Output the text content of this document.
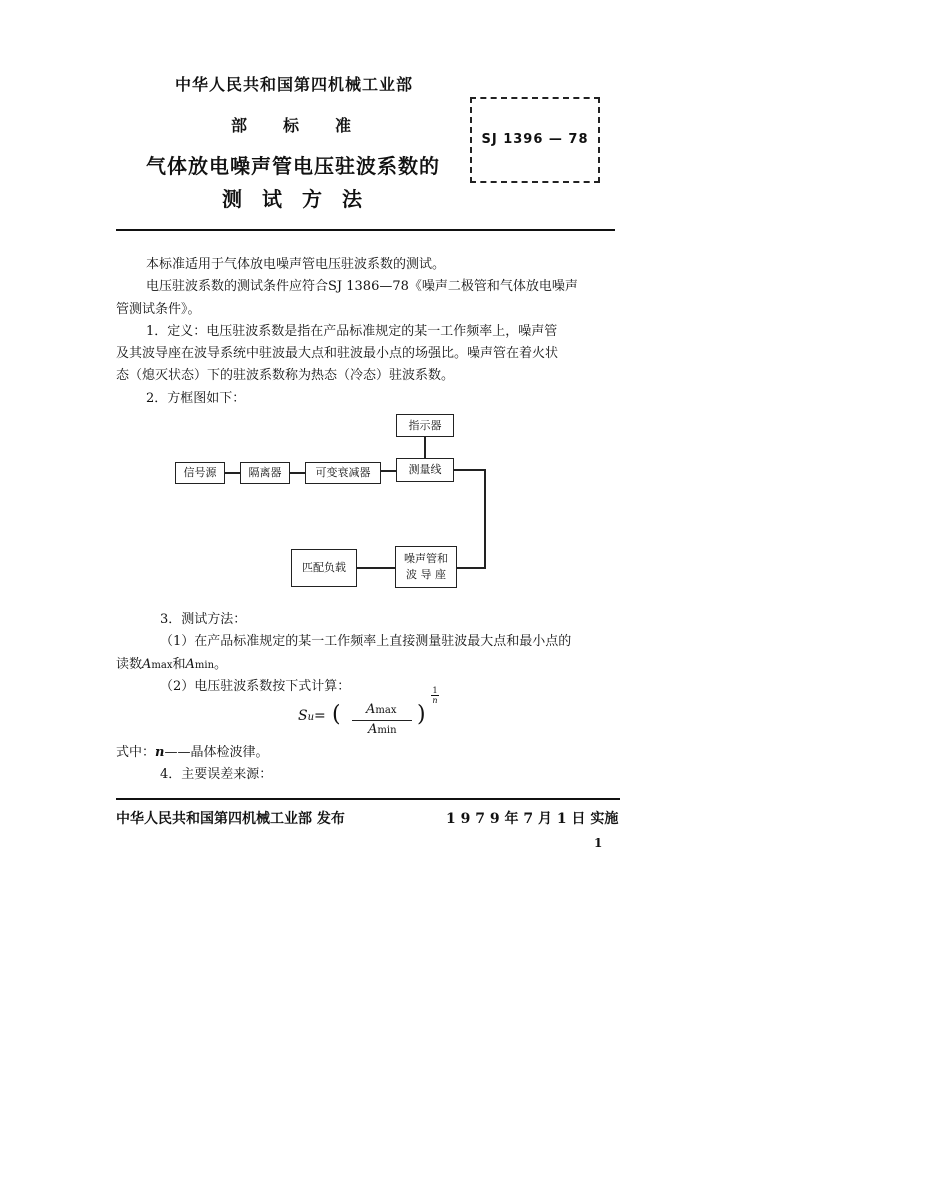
中华人民共和国第四机械工业部
部 标 准
气体放电噪声管电压驻波系数的
测 试 方 法
SJ 1396 — 78
本标准适用于气体放电噪声管电压驻波系数的测试。
电压驻波系数的测试条件应符合SJ 1386—78《噪声二极管和气体放电噪声
管测试条件》。
1．定义：电压驻波系数是指在产品标准规定的某一工作频率上，噪声管
及其波导座在波导系统中驻波最大点和驻波最小点的场强比。噪声管在着火状
态（熄灭状态）下的驻波系数称为热态（冷态）驻波系数。
2．方框图如下：
指示器
信号源	隔离器	可变衰减器	测量线
匹配负载
噪声管和
波 导 座
3．测试方法：
（1）在产品标准规定的某一工作频率上直接测量驻波最大点和最小点的
读数Amax和Amin。
（2）电压驻波系数按下式计算：
Su= ( Amax
Amin
)
1
n
式中：n——晶体检波律。
4．主要误差来源：
中华人民共和国第四机械工业部 发布	1 9 7 9 年 7 月 1 日 实施
1
